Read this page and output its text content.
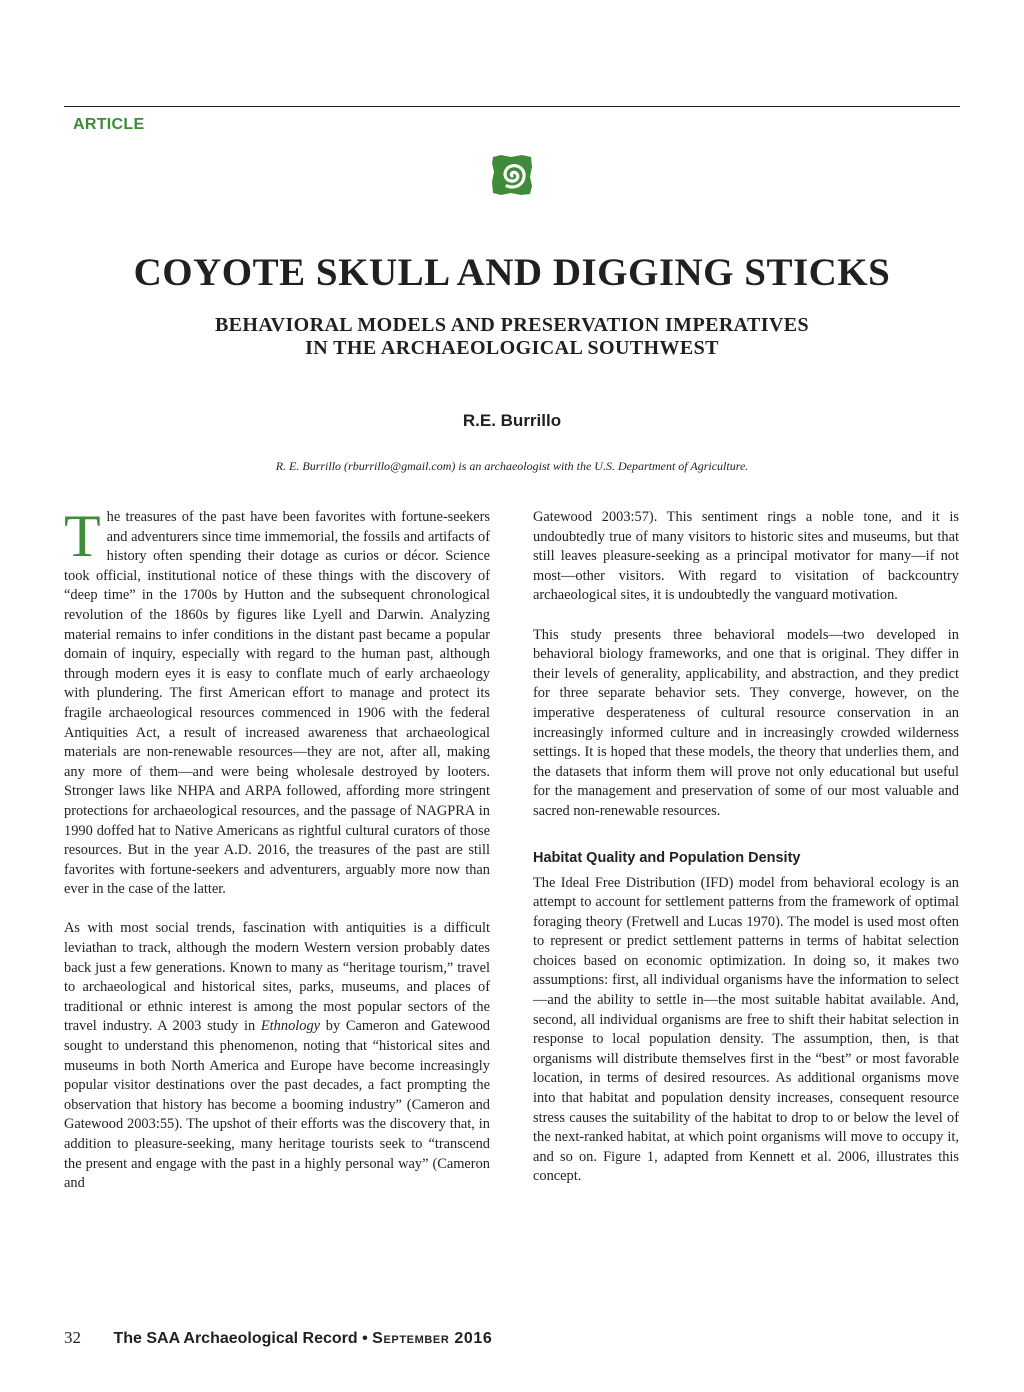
ARTICLE
COYOTE SKULL AND DIGGING STICKS
BEHAVIORAL MODELS AND PRESERVATION IMPERATIVES
IN THE ARCHAEOLOGICAL SOUTHWEST
R.E. Burrillo
R. E. Burrillo (rburrillo@gmail.com) is an archaeologist with the U.S. Department of Agriculture.

The treasures of the past have been favorites with fortune-seekers and adventurers since time immemorial, the fossils and artifacts of history often spending their dotage as curios or décor. Science took official, institutional notice of these things with the discovery of “deep time” in the 1700s by Hutton and the subsequent chronological revolution of the 1860s by figures like Lyell and Darwin. Analyzing material remains to infer conditions in the distant past became a popular domain of inquiry, especially with regard to the human past, although through modern eyes it is easy to conflate much of early archaeology with plundering. The first American effort to manage and protect its fragile archaeological resources commenced in 1906 with the federal Antiquities Act, a result of increased awareness that archaeological materials are non-renewable resources—they are not, after all, making any more of them—and were being wholesale destroyed by looters. Stronger laws like NHPA and ARPA followed, affording more stringent protections for archaeological resources, and the passage of NAGPRA in 1990 doffed hat to Native Americans as rightful cultural curators of those resources. But in the year A.D. 2016, the treasures of the past are still favorites with fortune-seekers and adventurers, arguably more now than ever in the case of the latter.

As with most social trends, fascination with antiquities is a difficult leviathan to track, although the modern Western version probably dates back just a few generations. Known to many as “heritage tourism,” travel to archaeological and historical sites, parks, museums, and places of traditional or ethnic interest is among the most popular sectors of the travel industry. A 2003 study in Ethnology by Cameron and Gatewood sought to understand this phenomenon, noting that “historical sites and museums in both North America and Europe have become increasingly popular visitor destinations over the past decades, a fact prompting the observation that history has become a booming industry” (Cameron and Gatewood 2003:55). The upshot of their efforts was the discovery that, in addition to pleasure-seeking, many heritage tourists seek to “transcend the present and engage with the past in a highly personal way” (Cameron and

Gatewood 2003:57). This sentiment rings a noble tone, and it is undoubtedly true of many visitors to historic sites and museums, but that still leaves pleasure-seeking as a principal motivator for many—if not most—other visitors. With regard to visitation of backcountry archaeological sites, it is undoubtedly the vanguard motivation.

This study presents three behavioral models—two developed in behavioral biology frameworks, and one that is original. They differ in their levels of generality, applicability, and abstraction, and they predict for three separate behavior sets. They converge, however, on the imperative desperateness of cultural resource conservation in an increasingly informed culture and in increasingly crowded wilderness settings. It is hoped that these models, the theory that underlies them, and the datasets that inform them will prove not only educational but useful for the management and preservation of some of our most valuable and sacred non-renewable resources.

Habitat Quality and Population Density

The Ideal Free Distribution (IFD) model from behavioral ecology is an attempt to account for settlement patterns from the framework of optimal foraging theory (Fretwell and Lucas 1970). The model is used most often to represent or predict settlement patterns in terms of habitat selection choices based on economic optimization. In doing so, it makes two assumptions: first, all individual organisms have the information to select—and the ability to settle in—the most suitable habitat available. And, second, all individual organisms are free to shift their habitat selection in response to local population density. The assumption, then, is that organisms will distribute themselves first in the “best” or most favorable location, in terms of desired resources. As additional organisms move into that habitat and population density increases, consequent resource stress causes the suitability of the habitat to drop to or below the level of the next-ranked habitat, at which point organisms will move to occupy it, and so on. Figure 1, adapted from Kennett et al. 2006, illustrates this concept.

32 The SAA Archaeological Record • September 2016
